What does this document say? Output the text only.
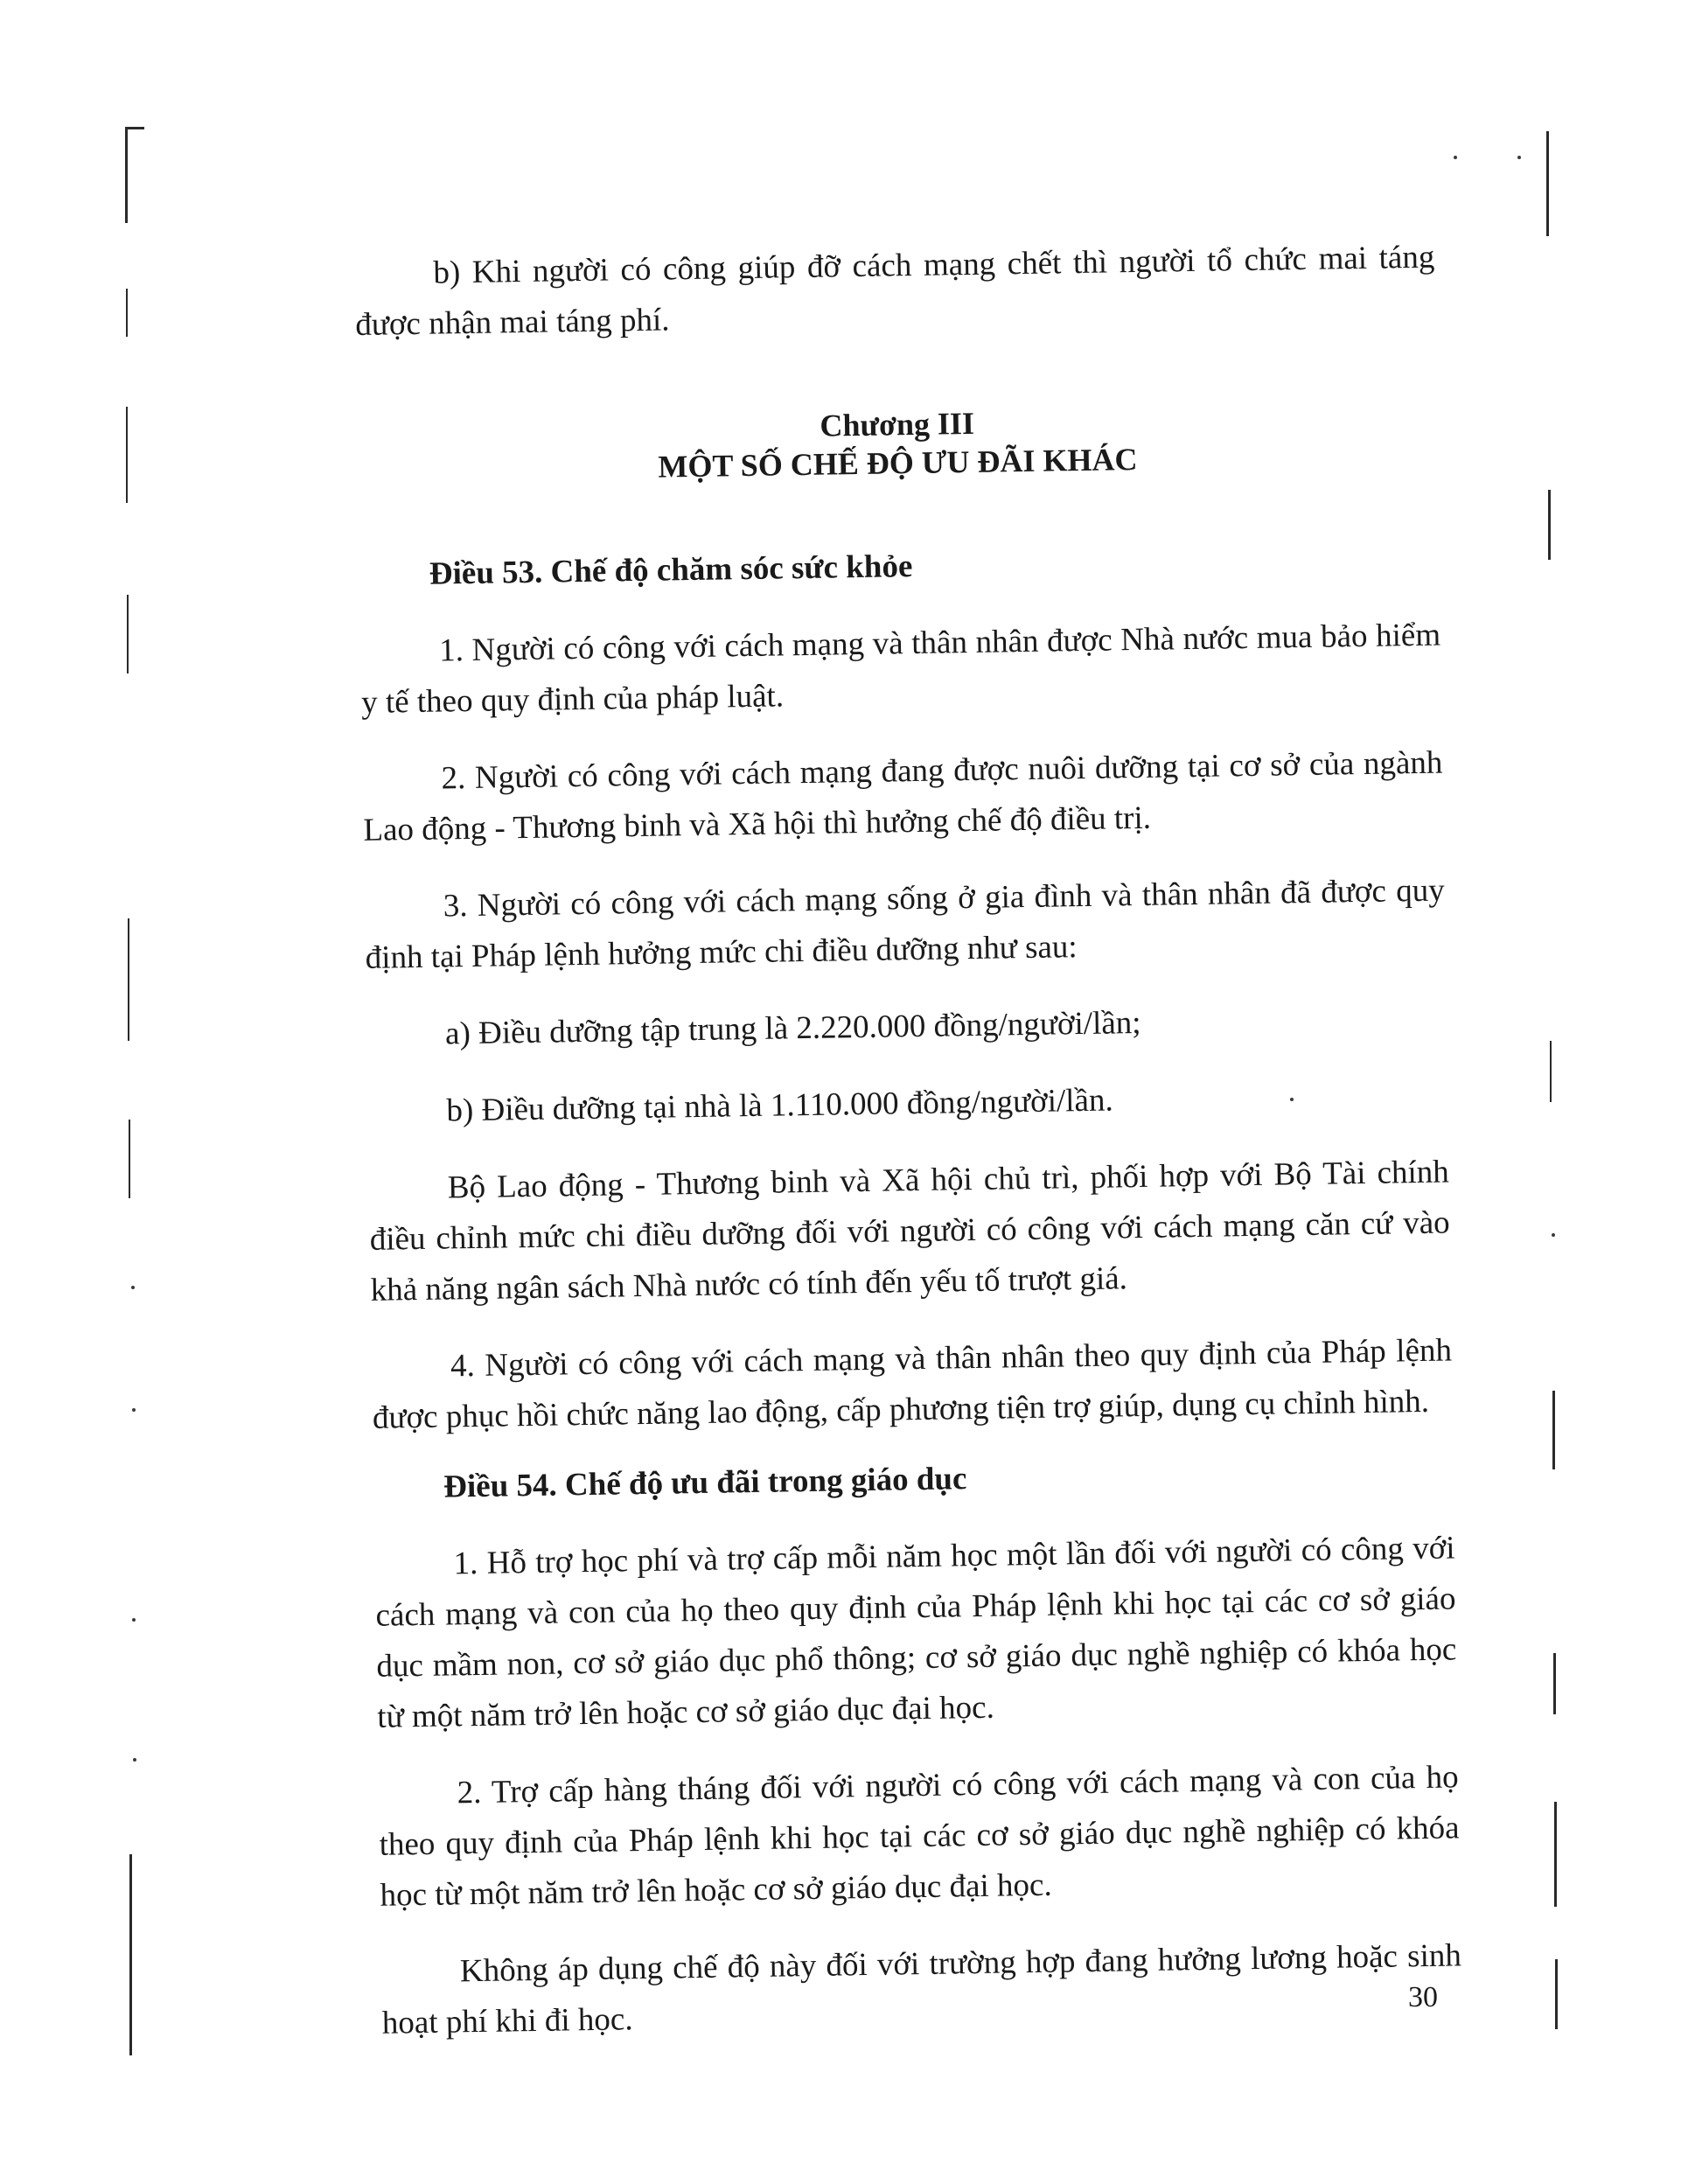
b) Khi người có công giúp đỡ cách mạng chết thì người tổ chức mai táng được nhận mai táng phí.

Chương III
MỘT SỐ CHẾ ĐỘ ƯU ĐÃI KHÁC
Điều 53. Chế độ chăm sóc sức khỏe

1. Người có công với cách mạng và thân nhân được Nhà nước mua bảo hiểm y tế theo quy định của pháp luật.

2. Người có công với cách mạng đang được nuôi dưỡng tại cơ sở của ngành Lao động - Thương binh và Xã hội thì hưởng chế độ điều trị.

3. Người có công với cách mạng sống ở gia đình và thân nhân đã được quy định tại Pháp lệnh hưởng mức chi điều dưỡng như sau:

a) Điều dưỡng tập trung là 2.220.000 đồng/người/lần;

b) Điều dưỡng tại nhà là 1.110.000 đồng/người/lần.

Bộ Lao động - Thương binh và Xã hội chủ trì, phối hợp với Bộ Tài chính điều chỉnh mức chi điều dưỡng đối với người có công với cách mạng căn cứ vào khả năng ngân sách Nhà nước có tính đến yếu tố trượt giá.

4. Người có công với cách mạng và thân nhân theo quy định của Pháp lệnh được phục hồi chức năng lao động, cấp phương tiện trợ giúp, dụng cụ chỉnh hình.

Điều 54. Chế độ ưu đãi trong giáo dục

1. Hỗ trợ học phí và trợ cấp mỗi năm học một lần đối với người có công với cách mạng và con của họ theo quy định của Pháp lệnh khi học tại các cơ sở giáo dục mầm non, cơ sở giáo dục phổ thông; cơ sở giáo dục nghề nghiệp có khóa học từ một năm trở lên hoặc cơ sở giáo dục đại học.

2. Trợ cấp hàng tháng đối với người có công với cách mạng và con của họ theo quy định của Pháp lệnh khi học tại các cơ sở giáo dục nghề nghiệp có khóa học từ một năm trở lên hoặc cơ sở giáo dục đại học.

Không áp dụng chế độ này đối với trường hợp đang hưởng lương hoặc sinh hoạt phí khi đi học.

30
